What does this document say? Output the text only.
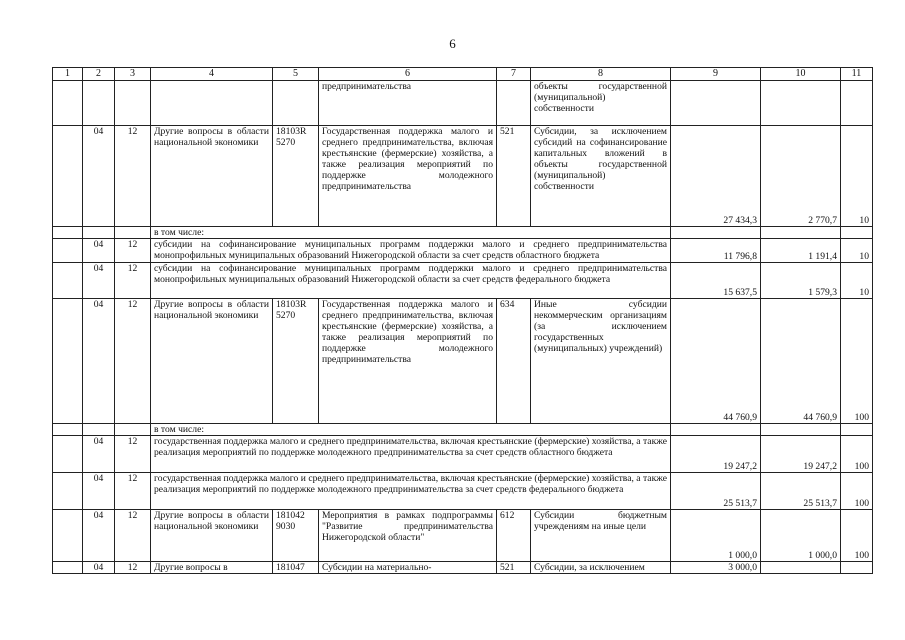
6
1	2	3	4	5	6	7	8	9	10	11
					предпринимательства		объекты государственной (муниципальной) собственности			
	04	12	Другие вопросы в области национальной экономики	18103R 5270	Государственная поддержка малого и среднего предпринимательства, включая крестьянские (фермерские) хозяйства, а также реализация мероприятий по поддержке молодежного предпринимательства	521	Субсидии, за исключением субсидий на софинансирование капитальных вложений в объекты государственной (муниципальной) собственности	27 434,3	2 770,7	10
			в том числе:							
	04	12	субсидии на софинансирование муниципальных программ поддержки малого и среднего предпринимательства монопрофильных муниципальных образований Нижегородской области за счет средств областного бюджета					11 796,8	1 191,4	10
	04	12	субсидии на софинансирование муниципальных программ поддержки малого и среднего предпринимательства монопрофильных муниципальных образований Нижегородской области за счет средств федерального бюджета					15 637,5	1 579,3	10
	04	12	Другие вопросы в области национальной экономики	18103R 5270	Государственная поддержка малого и среднего предпринимательства, включая крестьянские (фермерские) хозяйства, а также реализация мероприятий по поддержке молодежного предпринимательства	634	Иные субсидии некоммерческим организациям (за исключением государственных (муниципальных) учреждений)	44 760,9	44 760,9	100
			в том числе:							
	04	12	государственная поддержка малого и среднего предпринимательства, включая крестьянские (фермерские) хозяйства, а также реализация мероприятий по поддержке молодежного предпринимательства за счет средств областного бюджета					19 247,2	19 247,2	100
	04	12	государственная поддержка малого и среднего предпринимательства, включая крестьянские (фермерские) хозяйства, а также реализация мероприятий по поддержке молодежного предпринимательства за счет средств федерального бюджета					25 513,7	25 513,7	100
	04	12	Другие вопросы в области национальной экономики	181042 9030	Мероприятия в рамках подпрограммы "Развитие предпринимательства Нижегородской области"	612	Субсидии бюджетным учреждениям на иные цели	1 000,0	1 000,0	100
	04	12	Другие вопросы в	181047	Субсидии на материально-	521	Субсидии, за исключением	3 000,0		
